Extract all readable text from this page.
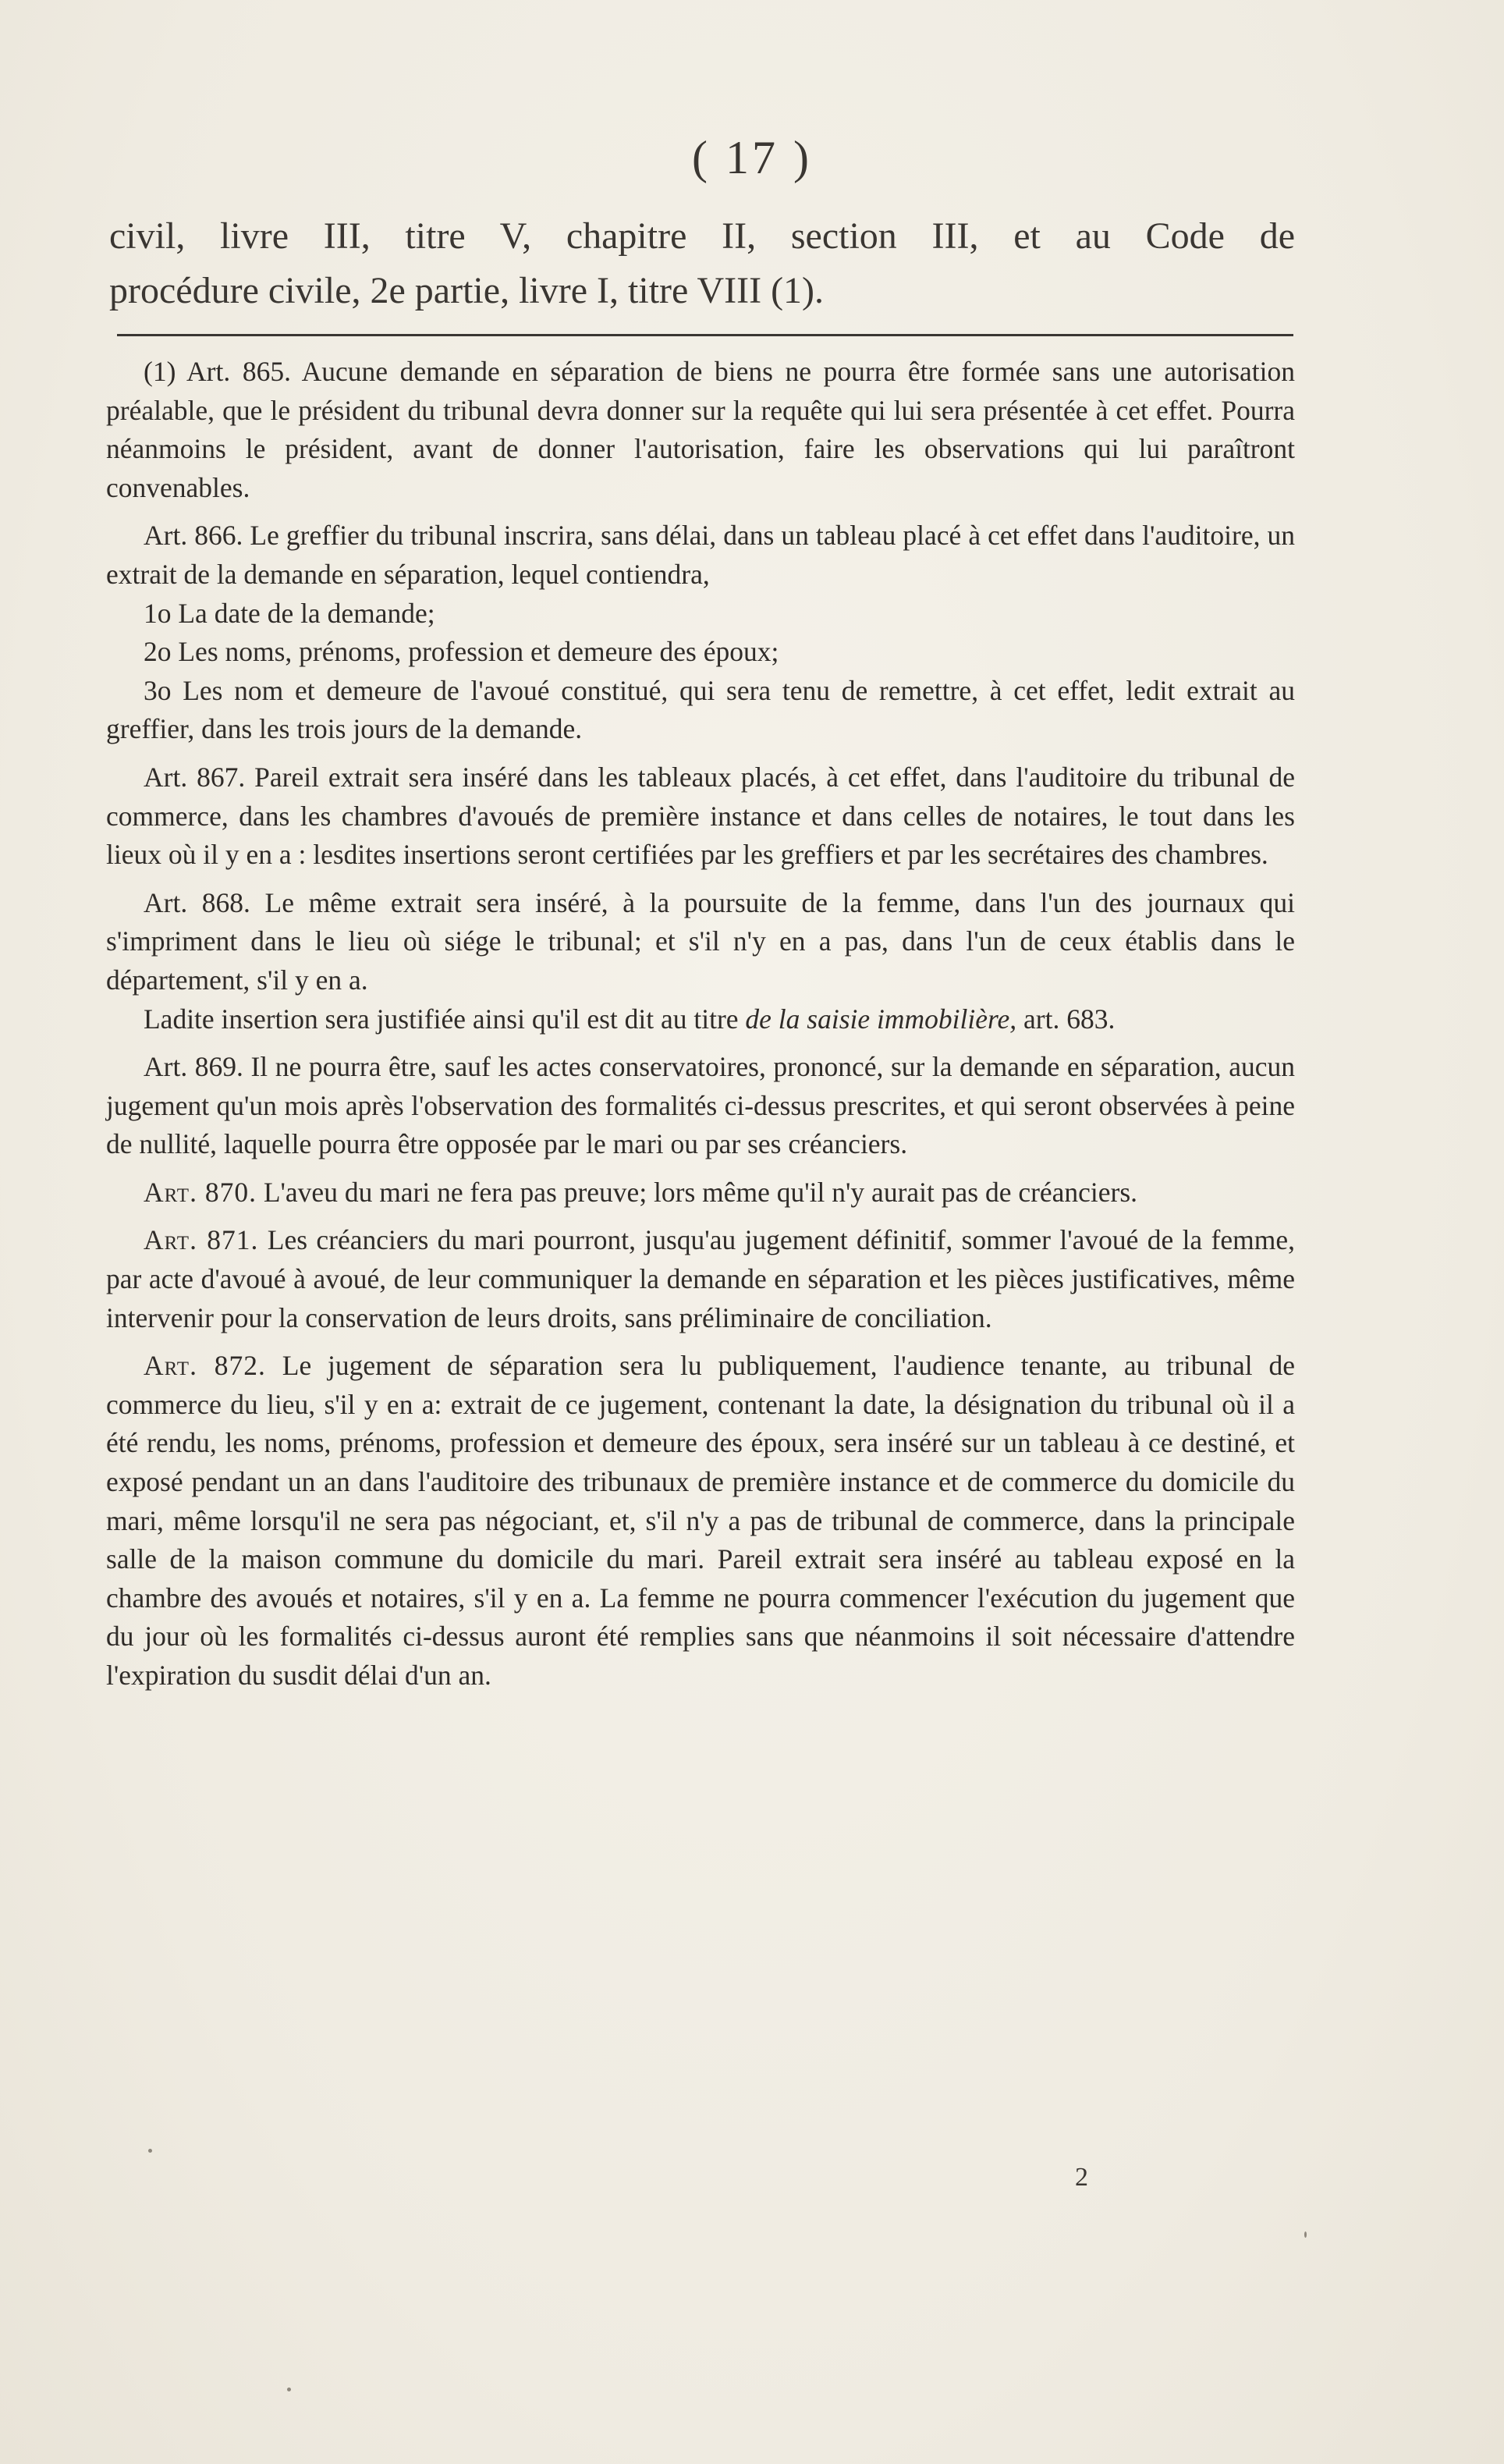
( 17 )
civil, livre III, titre V, chapitre II, section III, et au Code de
procédure civile, 2e partie, livre I, titre VIII (1).

(1) Art. 865. Aucune demande en séparation de biens ne pourra être formée sans une autorisation préalable, que le président du tribunal devra donner sur la requête qui lui sera présentée à cet effet. Pourra néanmoins le président, avant de donner l'autorisation, faire les observations qui lui paraîtront convenables.

Art. 866. Le greffier du tribunal inscrira, sans délai, dans un tableau placé à cet effet dans l'auditoire, un extrait de la demande en séparation, lequel contiendra,

1o La date de la demande;

2o Les noms, prénoms, profession et demeure des époux;

3o Les nom et demeure de l'avoué constitué, qui sera tenu de remettre, à cet effet, ledit extrait au greffier, dans les trois jours de la demande.

Art. 867. Pareil extrait sera inséré dans les tableaux placés, à cet effet, dans l'auditoire du tribunal de commerce, dans les chambres d'avoués de première instance et dans celles de notaires, le tout dans les lieux où il y en a : lesdites insertions seront certifiées par les greffiers et par les secrétaires des chambres.

Art. 868. Le même extrait sera inséré, à la poursuite de la femme, dans l'un des journaux qui s'impriment dans le lieu où siége le tribunal; et s'il n'y en a pas, dans l'un de ceux établis dans le département, s'il y en a.

Ladite insertion sera justifiée ainsi qu'il est dit au titre de la saisie immobilière, art. 683.

Art. 869. Il ne pourra être, sauf les actes conservatoires, prononcé, sur la demande en séparation, aucun jugement qu'un mois après l'observation des formalités ci-dessus prescrites, et qui seront observées à peine de nullité, laquelle pourra être opposée par le mari ou par ses créanciers.

Art. 870. L'aveu du mari ne fera pas preuve; lors même qu'il n'y aurait pas de créanciers.

Art. 871. Les créanciers du mari pourront, jusqu'au jugement définitif, sommer l'avoué de la femme, par acte d'avoué à avoué, de leur communiquer la demande en séparation et les pièces justificatives, même intervenir pour la conservation de leurs droits, sans préliminaire de conciliation.

Art. 872. Le jugement de séparation sera lu publiquement, l'audience tenante, au tribunal de commerce du lieu, s'il y en a: extrait de ce jugement, contenant la date, la désignation du tribunal où il a été rendu, les noms, prénoms, profession et demeure des époux, sera inséré sur un tableau à ce destiné, et exposé pendant un an dans l'auditoire des tribunaux de première instance et de commerce du domicile du mari, même lorsqu'il ne sera pas négociant, et, s'il n'y a pas de tribunal de commerce, dans la principale salle de la maison commune du domicile du mari. Pareil extrait sera inséré au tableau exposé en la chambre des avoués et notaires, s'il y en a. La femme ne pourra commencer l'exécution du jugement que du jour où les formalités ci-dessus auront été remplies sans que néanmoins il soit nécessaire d'attendre l'expiration du susdit délai d'un an.

2
